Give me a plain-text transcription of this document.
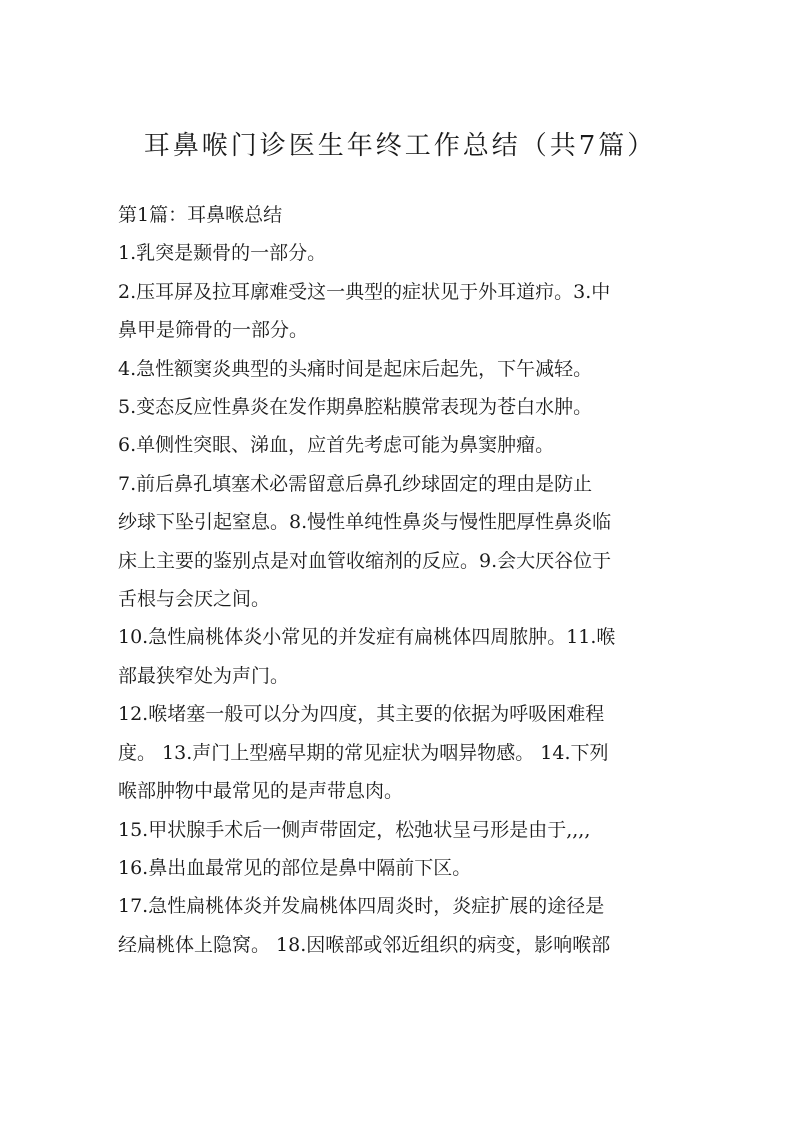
耳鼻喉门诊医生年终工作总结（共7篇）

第1篇：耳鼻喉总结

1.乳突是颞骨的一部分。

2.压耳屏及拉耳廓难受这一典型的症状见于外耳道疖。3.中

鼻甲是筛骨的一部分。

4.急性额窦炎典型的头痛时间是起床后起先，下午减轻。

5.变态反应性鼻炎在发作期鼻腔粘膜常表现为苍白水肿。

6.单侧性突眼、涕血，应首先考虑可能为鼻窦肿瘤。

7.前后鼻孔填塞术必需留意后鼻孔纱球固定的理由是防止

纱球下坠引起窒息。8.慢性单纯性鼻炎与慢性肥厚性鼻炎临

床上主要的鉴别点是对血管收缩剂的反应。9.会大厌谷位于

舌根与会厌之间。

10.急性扁桃体炎小常见的并发症有扁桃体四周脓肿。11.喉

部最狭窄处为声门。

12.喉堵塞一般可以分为四度，其主要的依据为呼吸困难程

度。 13.声门上型癌早期的常见症状为咽异物感。 14.下列

喉部肿物中最常见的是声带息肉。

15.甲状腺手术后一侧声带固定，松弛状呈弓形是由于,,,,

16.鼻出血最常见的部位是鼻中隔前下区。

17.急性扁桃体炎并发扁桃体四周炎时，炎症扩展的途径是

经扁桃体上隐窝。 18.因喉部或邻近组织的病变，影响喉部
